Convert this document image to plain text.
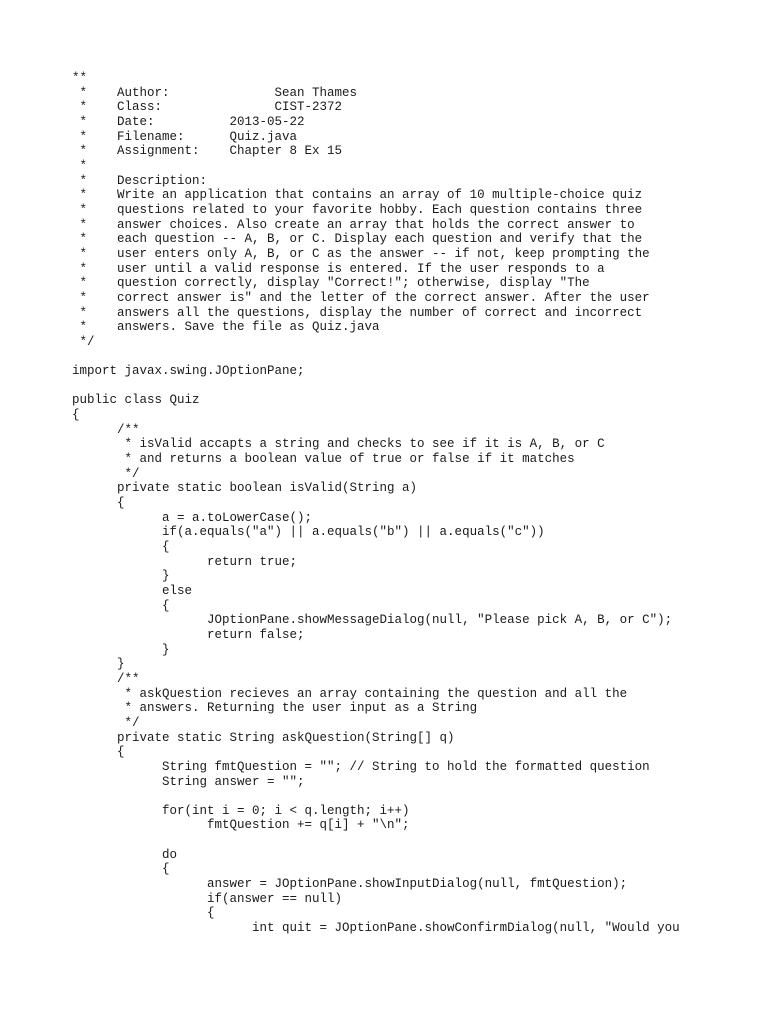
**
*    Author:              Sean Thames
*    Class:               CIST-2372
*    Date:          2013-05-22
*    Filename:      Quiz.java
*    Assignment:    Chapter 8 Ex 15
*
*    Description:
*    Write an application that contains an array of 10 multiple-choice quiz
*    questions related to your favorite hobby. Each question contains three
*    answer choices. Also create an array that holds the correct answer to
*    each question -- A, B, or C. Display each question and verify that the
*    user enters only A, B, or C as the answer -- if not, keep prompting the
*    user until a valid response is entered. If the user responds to a
*    question correctly, display "Correct!"; otherwise, display "The
*    correct answer is" and the letter of the correct answer. After the user
*    answers all the questions, display the number of correct and incorrect
*    answers. Save the file as Quiz.java
*/
import javax.swing.JOptionPane;
public class Quiz
{
/**
* isValid accapts a string and checks to see if it is A, B, or C
* and returns a boolean value of true or false if it matches
*/
private static boolean isValid(String a)
{
a = a.toLowerCase();
if(a.equals("a") || a.equals("b") || a.equals("c"))
{
return true;
}
else
{
JOptionPane.showMessageDialog(null, "Please pick A, B, or C");
return false;
}
}
/**
* askQuestion recieves an array containing the question and all the
* answers. Returning the user input as a String
*/
private static String askQuestion(String[] q)
{
String fmtQuestion = ""; // String to hold the formatted question
String answer = "";
for(int i = 0; i < q.length; i++)
fmtQuestion += q[i] + "\n";
do
{
answer = JOptionPane.showInputDialog(null, fmtQuestion);
if(answer == null)
{
int quit = JOptionPane.showConfirmDialog(null, "Would you
